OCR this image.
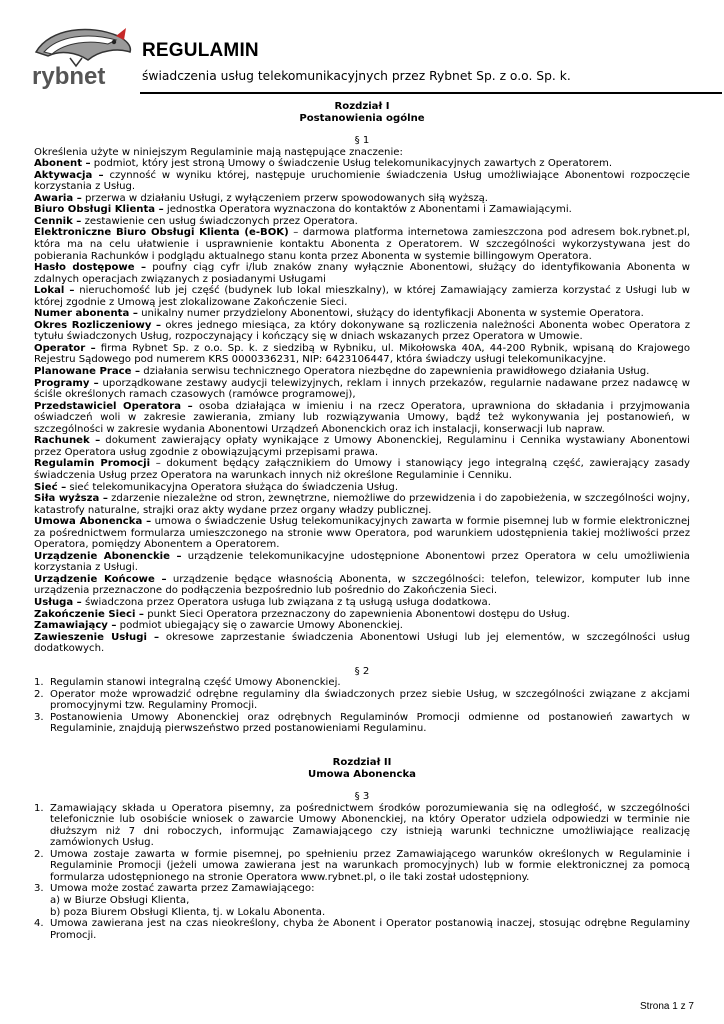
rybnet
REGULAMIN
świadczenia usług telekomunikacyjnych przez Rybnet Sp. z o.o. Sp. k.

Rozdział I

Postanowienia ogólne

§ 1

Określenia użyte w niniejszym Regulaminie mają następujące znaczenie:

Abonent – podmiot, który jest stroną Umowy o świadczenie Usług telekomunikacyjnych zawartych z Operatorem.

Aktywacja – czynność w wyniku której, następuje uruchomienie świadczenia Usług umożliwiające Abonentowi rozpoczęcie korzystania z Usług.

Awaria – przerwa w działaniu Usługi, z wyłączeniem przerw spowodowanych siłą wyższą.

Biuro Obsługi Klienta – jednostka Operatora wyznaczona do kontaktów z Abonentami i Zamawiającymi.

Cennik – zestawienie cen usług świadczonych przez Operatora.

Elektroniczne Biuro Obsługi Klienta (e-BOK) – darmowa platforma internetowa zamieszczona pod adresem bok.rybnet.pl, która ma na celu ułatwienie i usprawnienie kontaktu Abonenta z Operatorem. W szczególności wykorzystywana jest do pobierania Rachunków i podglądu aktualnego stanu konta przez Abonenta w systemie billingowym Operatora.

Hasło dostępowe – poufny ciąg cyfr i/lub znaków znany wyłącznie Abonentowi, służący do identyfikowania Abonenta w zdalnych operacjach związanych z posiadanymi Usługami

Lokal – nieruchomość lub jej część (budynek lub lokal mieszkalny), w której Zamawiający zamierza korzystać z Usługi lub w której zgodnie z Umową jest zlokalizowane Zakończenie Sieci.

Numer abonenta – unikalny numer przydzielony Abonentowi, służący do identyfikacji Abonenta w systemie Operatora.

Okres Rozliczeniowy – okres jednego miesiąca, za który dokonywane są rozliczenia należności Abonenta wobec Operatora z tytułu świadczonych Usług, rozpoczynający i kończący się w dniach wskazanych przez Operatora w Umowie.

Operator – firma Rybnet Sp. z o.o. Sp. k. z siedzibą w Rybniku, ul. Mikołowska 40A, 44-200 Rybnik, wpisaną do Krajowego Rejestru Sądowego pod numerem KRS 0000336231, NIP: 6423106447, która świadczy usługi telekomunikacyjne.

Planowane Prace – działania serwisu technicznego Operatora niezbędne do zapewnienia prawidłowego działania Usług.

Programy – uporządkowane zestawy audycji telewizyjnych, reklam i innych przekazów, regularnie nadawane przez nadawcę w ściśle określonych ramach czasowych (ramówce programowej),

Przedstawiciel Operatora – osoba działająca w imieniu i na rzecz Operatora, uprawniona do składania i przyjmowania oświadczeń woli w zakresie zawierania, zmiany lub rozwiązywania Umowy, bądź też wykonywania jej postanowień, w szczególności w zakresie wydania Abonentowi Urządzeń Abonenckich oraz ich instalacji, konserwacji lub napraw.

Rachunek – dokument zawierający opłaty wynikające z Umowy Abonenckiej, Regulaminu i Cennika wystawiany Abonentowi przez Operatora usług zgodnie z obowiązującymi przepisami prawa.

Regulamin Promocji – dokument będący załącznikiem do Umowy i stanowiący jego integralną część, zawierający zasady świadczenia Usług przez Operatora na warunkach innych niż określone Regulaminie i Cenniku.

Sieć – sieć telekomunikacyjna Operatora służąca do świadczenia Usług.

Siła wyższa – zdarzenie niezależne od stron, zewnętrzne, niemożliwe do przewidzenia i do zapobieżenia, w szczególności wojny, katastrofy naturalne, strajki oraz akty wydane przez organy władzy publicznej.

Umowa Abonencka – umowa o świadczenie Usług telekomunikacyjnych zawarta w formie pisemnej lub w formie elektronicznej za pośrednictwem formularza umieszczonego na stronie www Operatora, pod warunkiem udostępnienia takiej możliwości przez Operatora, pomiędzy Abonentem a Operatorem.

Urządzenie Abonenckie – urządzenie telekomunikacyjne udostępnione Abonentowi przez Operatora w celu umożliwienia korzystania z Usługi.

Urządzenie Końcowe – urządzenie będące własnością Abonenta, w szczególności: telefon, telewizor, komputer lub inne urządzenia przeznaczone do podłączenia bezpośrednio lub pośrednio do Zakończenia Sieci.

Usługa – świadczona przez Operatora usługa lub związana z tą usługą usługa dodatkowa.

Zakończenie Sieci – punkt Sieci Operatora przeznaczony do zapewnienia Abonentowi dostępu do Usług.

Zamawiający – podmiot ubiegający się o zawarcie Umowy Abonenckiej.

Zawieszenie Usługi – okresowe zaprzestanie świadczenia Abonentowi Usługi lub jej elementów, w szczególności usług dodatkowych.

§ 2

1. Regulamin stanowi integralną część Umowy Abonenckiej.
2. Operator może wprowadzić odrębne regulaminy dla świadczonych przez siebie Usług, w szczególności związane z akcjami promocyjnymi tzw. Regulaminy Promocji.
3. Postanowienia Umowy Abonenckiej oraz odrębnych Regulaminów Promocji odmienne od postanowień zawartych w Regulaminie, znajdują pierwszeństwo przed postanowieniami Regulaminu.

Rozdział II

Umowa Abonencka

§ 3

1. Zamawiający składa u Operatora pisemny, za pośrednictwem środków porozumiewania się na odległość, w szczególności telefonicznie lub osobiście wniosek o zawarcie Umowy Abonenckiej, na który Operator udziela odpowiedzi w terminie nie dłuższym niż 7 dni roboczych, informując Zamawiającego czy istnieją warunki techniczne umożliwiające realizację zamówionych Usług.
2. Umowa zostaje zawarta w formie pisemnej, po spełnieniu przez Zamawiającego warunków określonych w Regulaminie i Regulaminie Promocji (jeżeli umowa zawierana jest na warunkach promocyjnych) lub w formie elektronicznej za pomocą formularza udostępnionego na stronie Operatora www.rybnet.pl, o ile taki został udostępniony.
3. Umowa może zostać zawarta przez Zamawiającego:
a) w Biurze Obsługi Klienta,
b) poza Biurem Obsługi Klienta, tj. w Lokalu Abonenta.
4. Umowa zawierana jest na czas nieokreślony, chyba że Abonent i Operator postanowią inaczej, stosując odrębne Regulaminy Promocji.
Strona 1 z 7
